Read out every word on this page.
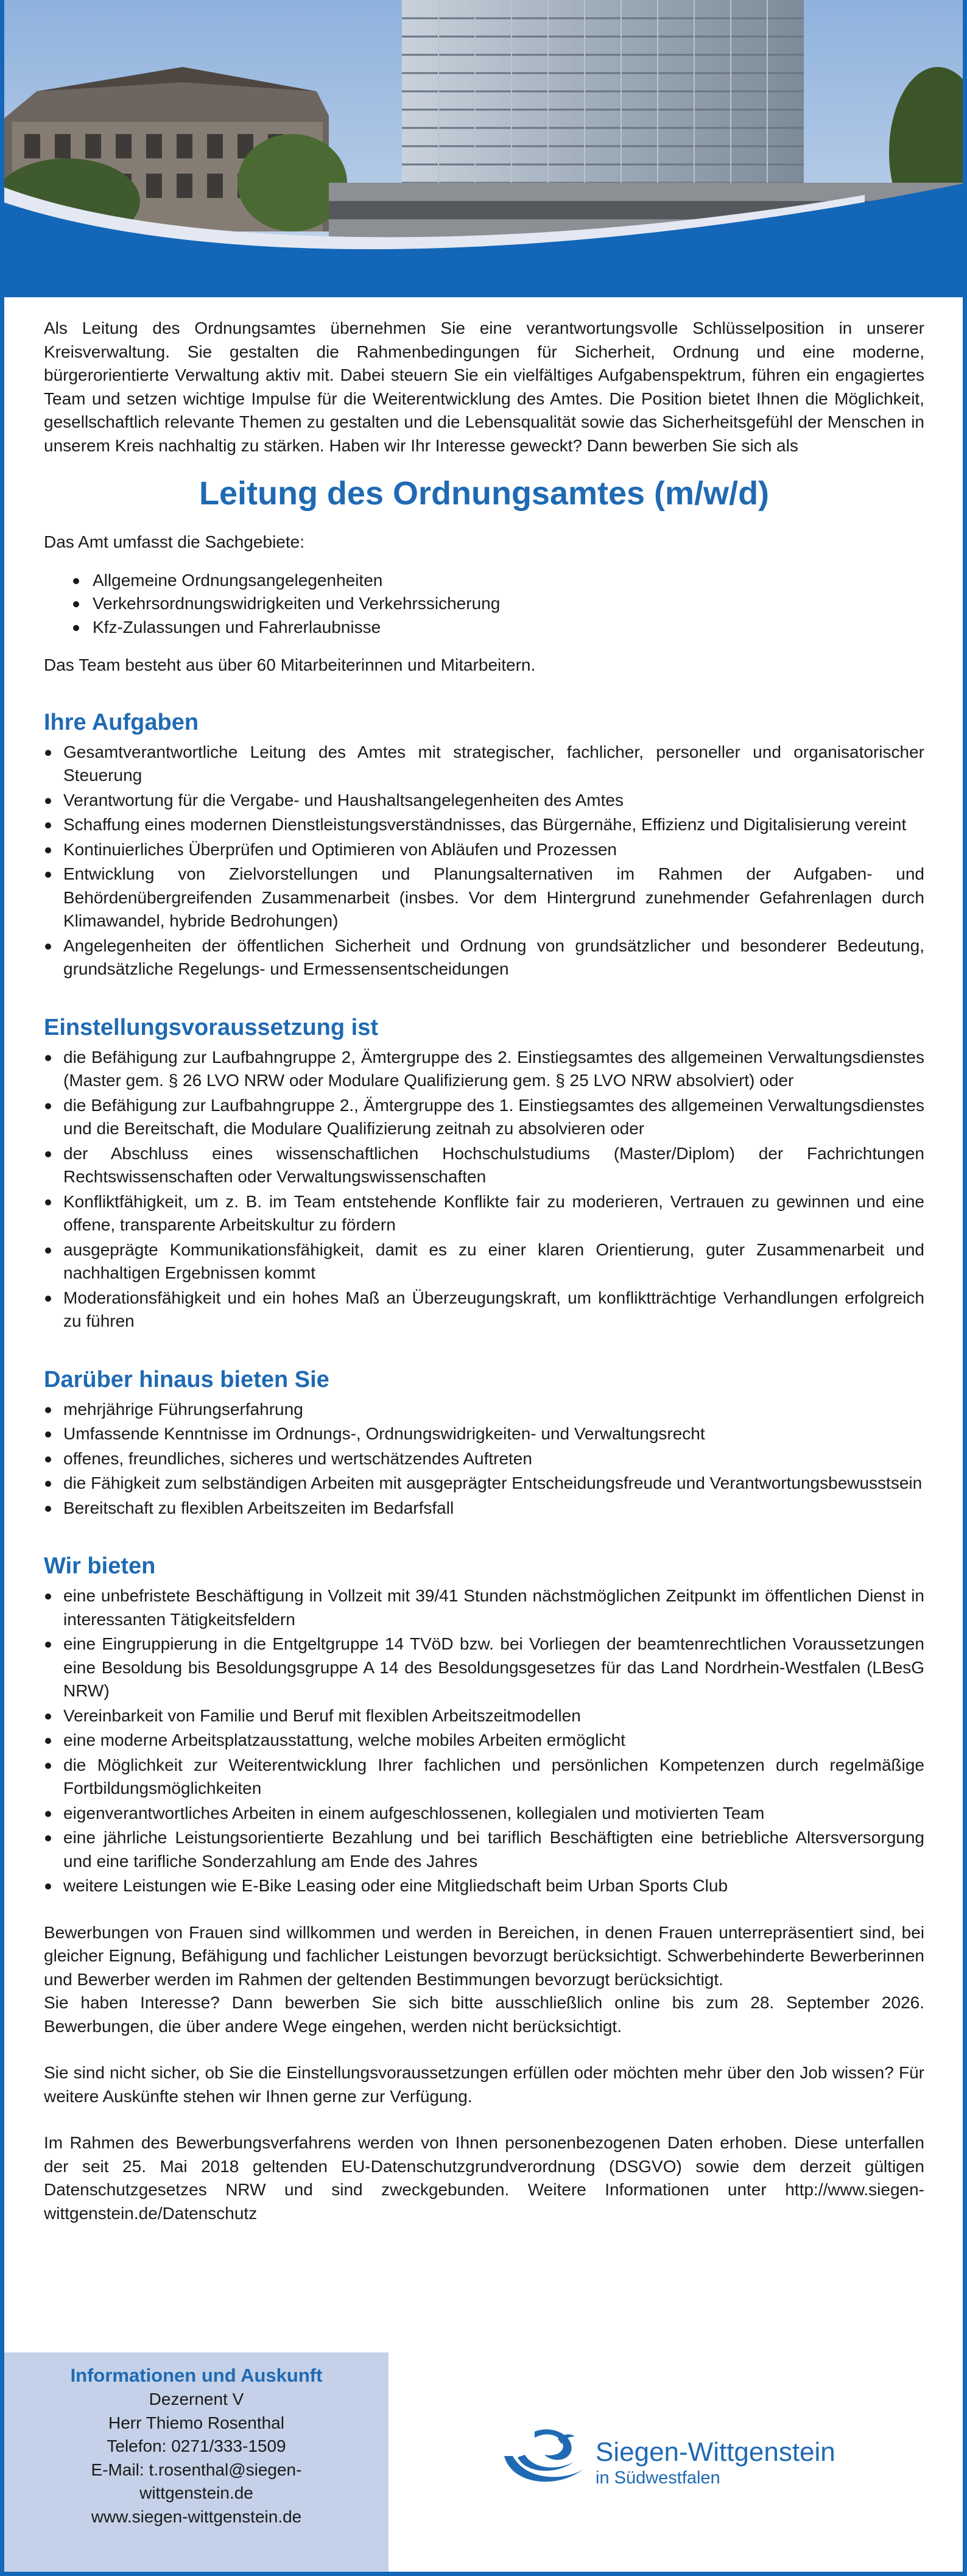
Als Leitung des Ordnungsamtes übernehmen Sie eine verantwortungsvolle Schlüsselposition in unserer Kreisverwaltung. Sie gestalten die Rahmenbedingungen für Sicherheit, Ordnung und eine moderne, bürgerorientierte Verwaltung aktiv mit. Dabei steuern Sie ein vielfältiges Aufgabenspektrum, führen ein engagiertes Team und setzen wichtige Impulse für die Weiterentwicklung des Amtes. Die Position bietet Ihnen die Möglichkeit, gesellschaftlich relevante Themen zu gestalten und die Lebensqualität sowie das Sicherheitsgefühl der Menschen in unserem Kreis nachhaltig zu stärken. Haben wir Ihr Interesse geweckt? Dann bewerben Sie sich als

Leitung des Ordnungsamtes (m/w/d)

Das Amt umfasst die Sachgebiete:

Allgemeine Ordnungsangelegenheiten
Verkehrsordnungswidrigkeiten und Verkehrssicherung
Kfz-Zulassungen und Fahrerlaubnisse

Das Team besteht aus über 60 Mitarbeiterinnen und Mitarbeitern.

Ihre Aufgaben
Gesamtverantwortliche Leitung des Amtes mit strategischer, fachlicher, personeller und organisatorischer Steuerung
Verantwortung für die Vergabe- und Haushaltsangelegenheiten des Amtes
Schaffung eines modernen Dienstleistungsverständnisses, das Bürgernähe, Effizienz und Digitalisierung vereint
Kontinuierliches Überprüfen und Optimieren von Abläufen und Prozessen
Entwicklung von Zielvorstellungen und Planungsalternativen im Rahmen der Aufgaben- und Behördenübergreifenden Zusammenarbeit (insbes. Vor dem Hintergrund zunehmender Gefahrenlagen durch Klimawandel, hybride Bedrohungen)
Angelegenheiten der öffentlichen Sicherheit und Ordnung von grundsätzlicher und besonderer Bedeutung, grundsätzliche Regelungs- und Ermessensentscheidungen
Einstellungsvoraussetzung ist
die Befähigung zur Laufbahngruppe 2, Ämtergruppe des 2. Einstiegsamtes des allgemeinen Verwaltungsdienstes (Master gem. § 26 LVO NRW oder Modulare Qualifizierung gem. § 25 LVO NRW absolviert) oder
die Befähigung zur Laufbahngruppe 2., Ämtergruppe des 1. Einstiegsamtes des allgemeinen Verwaltungsdienstes und die Bereitschaft, die Modulare Qualifizierung zeitnah zu absolvieren oder
der Abschluss eines wissenschaftlichen Hochschulstudiums (Master/Diplom) der Fachrichtungen Rechtswissenschaften oder Verwaltungswissenschaften
Konfliktfähigkeit, um z. B. im Team entstehende Konflikte fair zu moderieren, Vertrauen zu gewinnen und eine offene, transparente Arbeitskultur zu fördern
ausgeprägte Kommunikationsfähigkeit, damit es zu einer klaren Orientierung, guter Zusammenarbeit und nachhaltigen Ergebnissen kommt
Moderationsfähigkeit und ein hohes Maß an Überzeugungskraft, um konfliktträchtige Verhandlungen erfolgreich zu führen
Darüber hinaus bieten Sie
mehrjährige Führungserfahrung
Umfassende Kenntnisse im Ordnungs-, Ordnungswidrigkeiten- und Verwaltungsrecht
offenes, freundliches, sicheres und wertschätzendes Auftreten
die Fähigkeit zum selbständigen Arbeiten mit ausgeprägter Entscheidungsfreude und Verantwortungsbewusstsein
Bereitschaft zu flexiblen Arbeitszeiten im Bedarfsfall
Wir bieten
eine unbefristete Beschäftigung in Vollzeit mit 39/41 Stunden nächstmöglichen Zeitpunkt im öffentlichen Dienst in interessanten Tätigkeitsfeldern
eine Eingruppierung in die Entgeltgruppe 14 TVöD bzw. bei Vorliegen der beamtenrechtlichen Voraussetzungen eine Besoldung bis Besoldungsgruppe A 14 des Besoldungsgesetzes für das Land Nordrhein-Westfalen (LBesG NRW)
Vereinbarkeit von Familie und Beruf mit flexiblen Arbeitszeitmodellen
eine moderne Arbeitsplatzausstattung, welche mobiles Arbeiten ermöglicht
die Möglichkeit zur Weiterentwicklung Ihrer fachlichen und persönlichen Kompetenzen durch regelmäßige Fortbildungsmöglichkeiten
eigenverantwortliches Arbeiten in einem aufgeschlossenen, kollegialen und motivierten Team
eine jährliche Leistungsorientierte Bezahlung und bei tariflich Beschäftigten eine betriebliche Altersversorgung und eine tarifliche Sonderzahlung am Ende des Jahres
weitere Leistungen wie E-Bike Leasing oder eine Mitgliedschaft beim Urban Sports Club

Bewerbungen von Frauen sind willkommen und werden in Bereichen, in denen Frauen unterrepräsentiert sind, bei gleicher Eignung, Befähigung und fachlicher Leistungen bevorzugt berücksichtigt. Schwerbehinderte Bewerberinnen und Bewerber werden im Rahmen der geltenden Bestimmungen bevorzugt berücksichtigt.

Sie haben Interesse? Dann bewerben Sie sich bitte ausschließlich online bis zum 28. September 2026. Bewerbungen, die über andere Wege eingehen, werden nicht berücksichtigt.

Sie sind nicht sicher, ob Sie die Einstellungsvoraussetzungen erfüllen oder möchten mehr über den Job wissen? Für weitere Auskünfte stehen wir Ihnen gerne zur Verfügung.

Im Rahmen des Bewerbungsverfahrens werden von Ihnen personenbezogenen Daten erhoben. Diese unterfallen der seit 25. Mai 2018 geltenden EU-Datenschutzgrundverordnung (DSGVO) sowie dem derzeit gültigen Datenschutzgesetzes NRW und sind zweckgebunden. Weitere Informationen unter http://www.siegen-wittgenstein.de/Datenschutz

Informationen und Auskunft
Dezernent V
Herr Thiemo Rosenthal
Telefon: 0271/333-1509
E-Mail: t.rosenthal@siegen-
wittgenstein.de
www.siegen-wittgenstein.de
Siegen-Wittgenstein
in Südwestfalen
